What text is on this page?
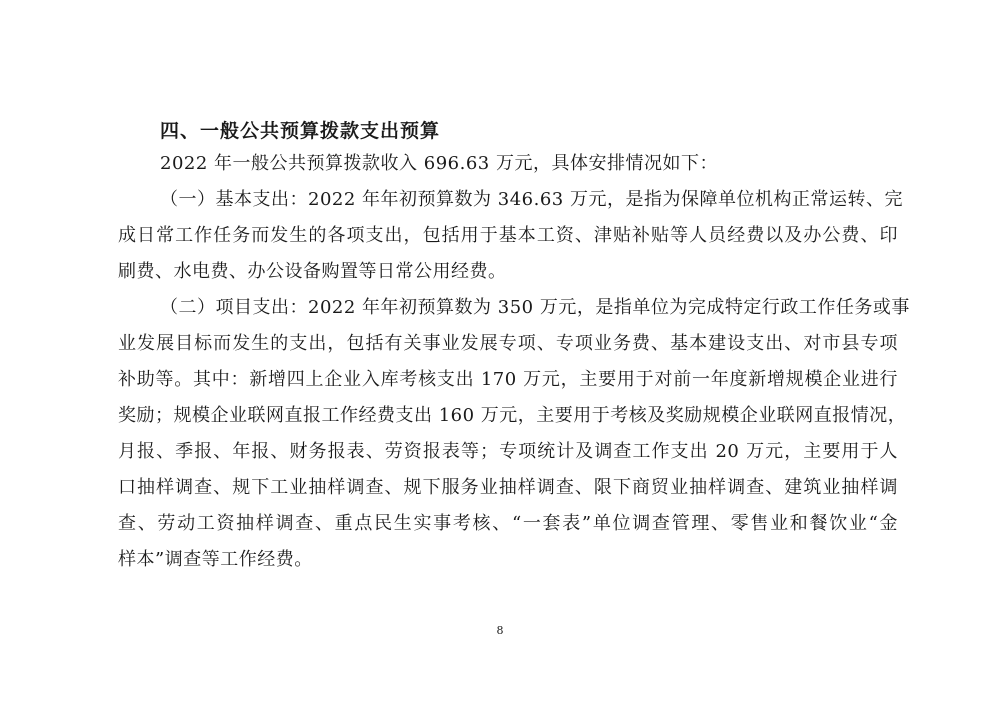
四、一般公共预算拨款支出预算
2022 年一般公共预算拨款收入 696.63 万元，具体安排情况如下：
（一）基本支出：2022 年年初预算数为 346.63 万元，是指为保障单位机构正常运转、完
成日常工作任务而发生的各项支出，包括用于基本工资、津贴补贴等人员经费以及办公费、印
刷费、水电费、办公设备购置等日常公用经费。
（二）项目支出：2022 年年初预算数为 350 万元，是指单位为完成特定行政工作任务或事
业发展目标而发生的支出，包括有关事业发展专项、专项业务费、基本建设支出、对市县专项
补助等。其中：新增四上企业入库考核支出 170 万元，主要用于对前一年度新增规模企业进行
奖励；规模企业联网直报工作经费支出 160 万元，主要用于考核及奖励规模企业联网直报情况，
月报、季报、年报、财务报表、劳资报表等；专项统计及调查工作支出 20 万元，主要用于人
口抽样调查、规下工业抽样调查、规下服务业抽样调查、限下商贸业抽样调查、建筑业抽样调
查、劳动工资抽样调查、重点民生实事考核、“一套表”单位调查管理、零售业和餐饮业“金
样本”调查等工作经费。
8
